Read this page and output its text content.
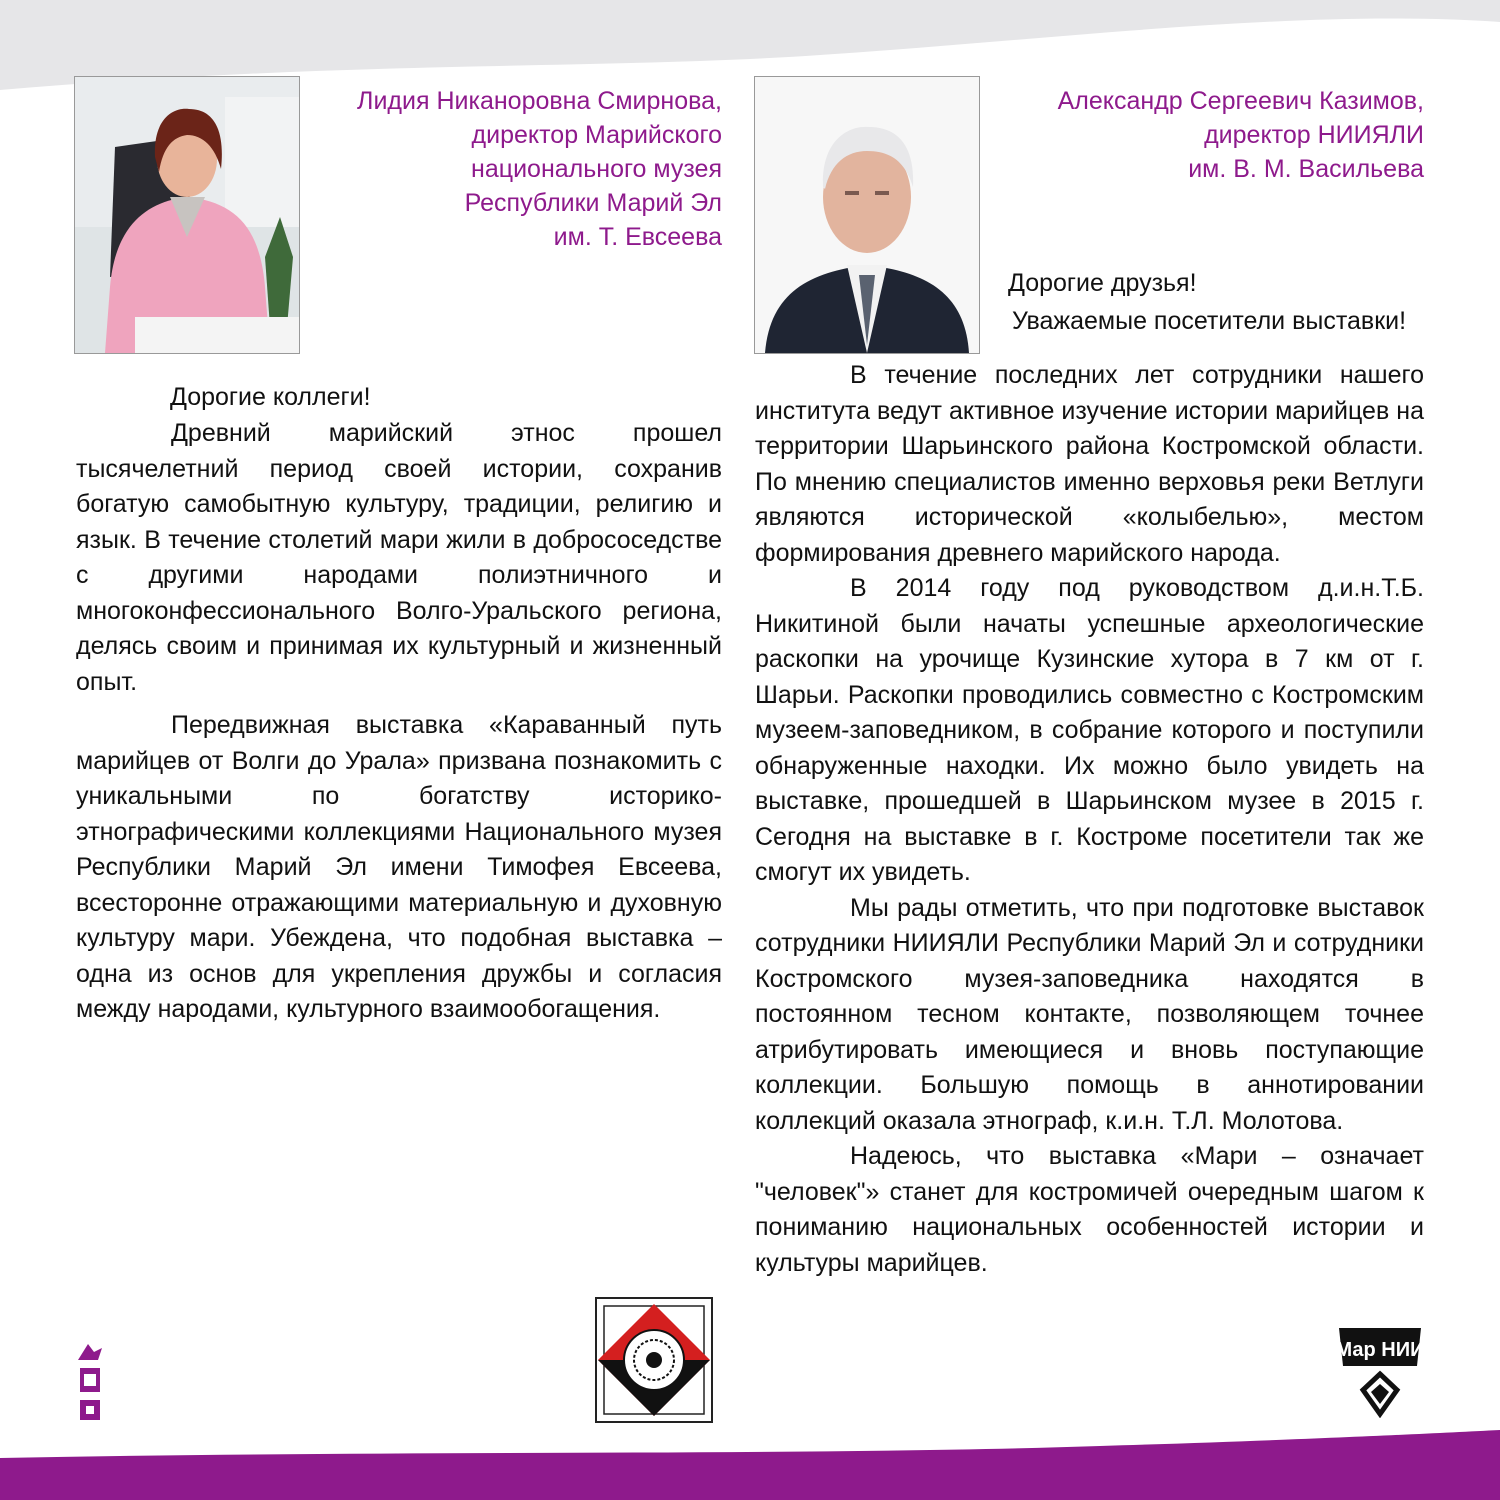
Лидия Никаноровна Смирнова,
директор Марийского
национального музея
Республики Марий Эл
им. Т. Евсеева
Дорогие коллеги!

Древний марийский этнос прошел тысячелетний период своей истории, сохранив богатую самобытную культуру, традиции, религию и язык. В течение столетий мари жили в добрососедстве с другими народами полиэтничного и многоконфессионального Волго-Уральского региона, делясь своим и принимая их культурный и жизненный опыт.

Передвижная выставка «Караванный путь марийцев от Волги до Урала» призвана познакомить с уникальными по богатству историко-этнографическими коллекциями Национального музея Республики Марий Эл имени Тимофея Евсеева, всесторонне отражающими материальную и духовную культуру мари. Убеждена, что подобная выставка – одна из основ для укрепления дружбы и согласия между народами, культурного взаимообогащения.

Александр Сергеевич Казимов,
директор НИИЯЛИ
им. В. М. Васильева
Дорогие друзья!
Уважаемые посетители выставки!

В течение последних лет сотрудники нашего института ведут активное изучение истории марийцев на территории Шарьинского района Костромской области. По мнению специалистов именно верховья реки Ветлуги являются исторической «колыбелью», местом формирования древнего марийского народа.

В 2014 году под руководством д.и.н.Т.Б. Никитиной были начаты успешные археологические раскопки на урочище Кузинские хутора в 7 км от г. Шарьи. Раскопки проводились совместно с Костромским музеем-заповедником, в собрание которого и поступили обнаруженные находки. Их можно было увидеть на выставке, прошедшей в Шарьинском музее в 2015 г. Сегодня на выставке в г. Костроме посетители так же смогут их увидеть.

Мы рады отметить, что при подготовке выставок сотрудники НИИЯЛИ Республики Марий Эл и сотрудники Костромского музея-заповедника находятся в постоянном тесном контакте, позволяющем точнее атрибутировать имеющиеся и вновь поступающие коллекции. Большую помощь в аннотировании коллекций оказала этнограф, к.и.н. Т.Л. Молотова.

Надеюсь, что выставка «Мари – означает "человек"» станет для костромичей очередным шагом к пониманию национальных особенностей истории и культуры марийцев.

Мар НИИ
